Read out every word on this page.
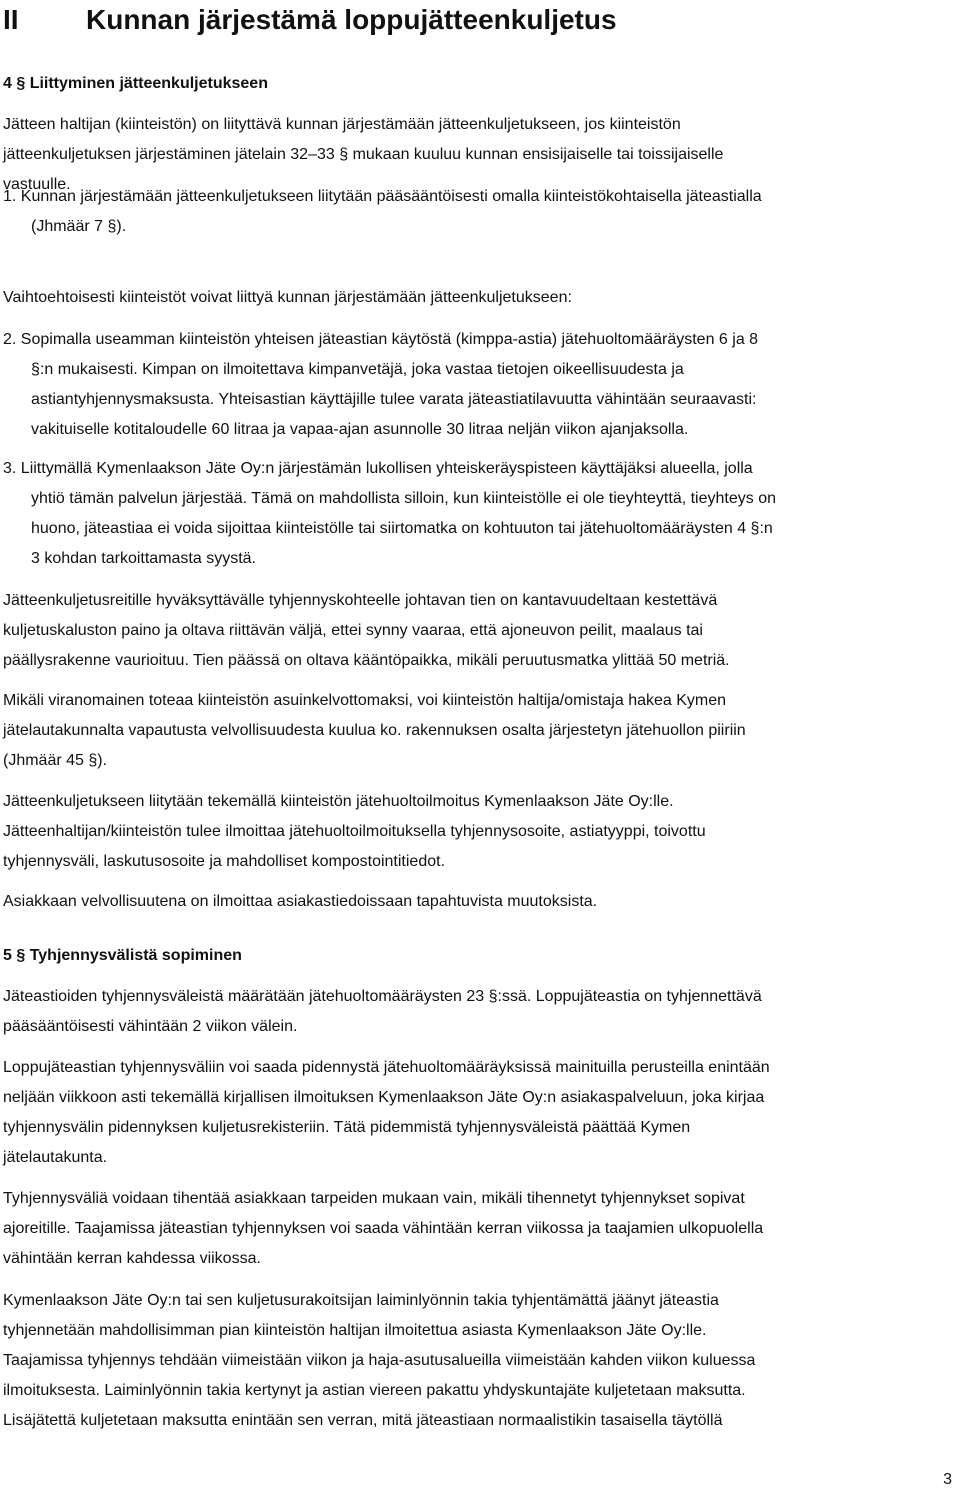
II Kunnan järjestämä loppujätteenkuljetus
4 § Liittyminen jätteenkuljetukseen
Jätteen haltijan (kiinteistön) on liityttävä kunnan järjestämään jätteenkuljetukseen, jos kiinteistön
jätteenkuljetuksen järjestäminen jätelain 32–33 § mukaan kuuluu kunnan ensisijaiselle tai toissijaiselle
vastuulle.
1. Kunnan järjestämään jätteenkuljetukseen liitytään pääsääntöisesti omalla kiinteistökohtaisella jäteastialla
(Jhmäär 7 §).
Vaihtoehtoisesti kiinteistöt voivat liittyä kunnan järjestämään jätteenkuljetukseen:
2. Sopimalla useamman kiinteistön yhteisen jäteastian käytöstä (kimppa-astia) jätehuoltomääräysten 6 ja 8
§:n mukaisesti. Kimpan on ilmoitettava kimpanvetäjä, joka vastaa tietojen oikeellisuudesta ja
astiantyhjennysmaksusta. Yhteisastian käyttäjille tulee varata jäteastiatilavuutta vähintään seuraavasti:
vakituiselle kotitaloudelle 60 litraa ja vapaa-ajan asunnolle 30 litraa neljän viikon ajanjaksolla.
3. Liittymällä Kymenlaakson Jäte Oy:n järjestämän lukollisen yhteiskeräyspisteen käyttäjäksi alueella, jolla
yhtiö tämän palvelun järjestää. Tämä on mahdollista silloin, kun kiinteistölle ei ole tieyhteyttä, tieyhteys on
huono, jäteastiaa ei voida sijoittaa kiinteistölle tai siirtomatka on kohtuuton tai jätehuoltomääräysten 4 §:n
3 kohdan tarkoittamasta syystä.
Jätteenkuljetusreitille hyväksyttävälle tyhjennyskohteelle johtavan tien on kantavuudeltaan kestettävä
kuljetuskaluston paino ja oltava riittävän väljä, ettei synny vaaraa, että ajoneuvon peilit, maalaus tai
päällysrakenne vaurioituu. Tien päässä on oltava kääntöpaikka, mikäli peruutusmatka ylittää 50 metriä.
Mikäli viranomainen toteaa kiinteistön asuinkelvottomaksi, voi kiinteistön haltija/omistaja hakea Kymen
jätelautakunnalta vapautusta velvollisuudesta kuulua ko. rakennuksen osalta järjestetyn jätehuollon piiriin
(Jhmäär 45 §).
Jätteenkuljetukseen liitytään tekemällä kiinteistön jätehuoltoilmoitus Kymenlaakson Jäte Oy:lle.
Jätteenhaltijan/kiinteistön tulee ilmoittaa jätehuoltoilmoituksella tyhjennysosoite, astiatyyppi, toivottu
tyhjennysväli, laskutusosoite ja mahdolliset kompostointitiedot.
Asiakkaan velvollisuutena on ilmoittaa asiakastiedoissaan tapahtuvista muutoksista.
5 § Tyhjennysvälistä sopiminen
Jäteastioiden tyhjennysväleistä määrätään jätehuoltomääräysten 23 §:ssä. Loppujäteastia on tyhjennettävä
pääsääntöisesti vähintään 2 viikon välein.
Loppujäteastian tyhjennysväliin voi saada pidennystä jätehuoltomääräyksissä mainituilla perusteilla enintään
neljään viikkoon asti tekemällä kirjallisen ilmoituksen Kymenlaakson Jäte Oy:n asiakaspalveluun, joka kirjaa
tyhjennysvälin pidennyksen kuljetusrekisteriin. Tätä pidemmistä tyhjennysväleistä päättää Kymen
jätelautakunta.
Tyhjennysväliä voidaan tihentää asiakkaan tarpeiden mukaan vain, mikäli tihennetyt tyhjennykset sopivat
ajoreitille. Taajamissa jäteastian tyhjennyksen voi saada vähintään kerran viikossa ja taajamien ulkopuolella
vähintään kerran kahdessa viikossa.
Kymenlaakson Jäte Oy:n tai sen kuljetusurakoitsijan laiminlyönnin takia tyhjentämättä jäänyt jäteastia
tyhjennetään mahdollisimman pian kiinteistön haltijan ilmoitettua asiasta Kymenlaakson Jäte Oy:lle.
Taajamissa tyhjennys tehdään viimeistään viikon ja haja-asutusalueilla viimeistään kahden viikon kuluessa
ilmoituksesta. Laiminlyönnin takia kertynyt ja astian viereen pakattu yhdyskuntajäte kuljetetaan maksutta.
Lisäjätettä kuljetetaan maksutta enintään sen verran, mitä jäteastiaan normaalistikin tasaisella täytöllä
3
